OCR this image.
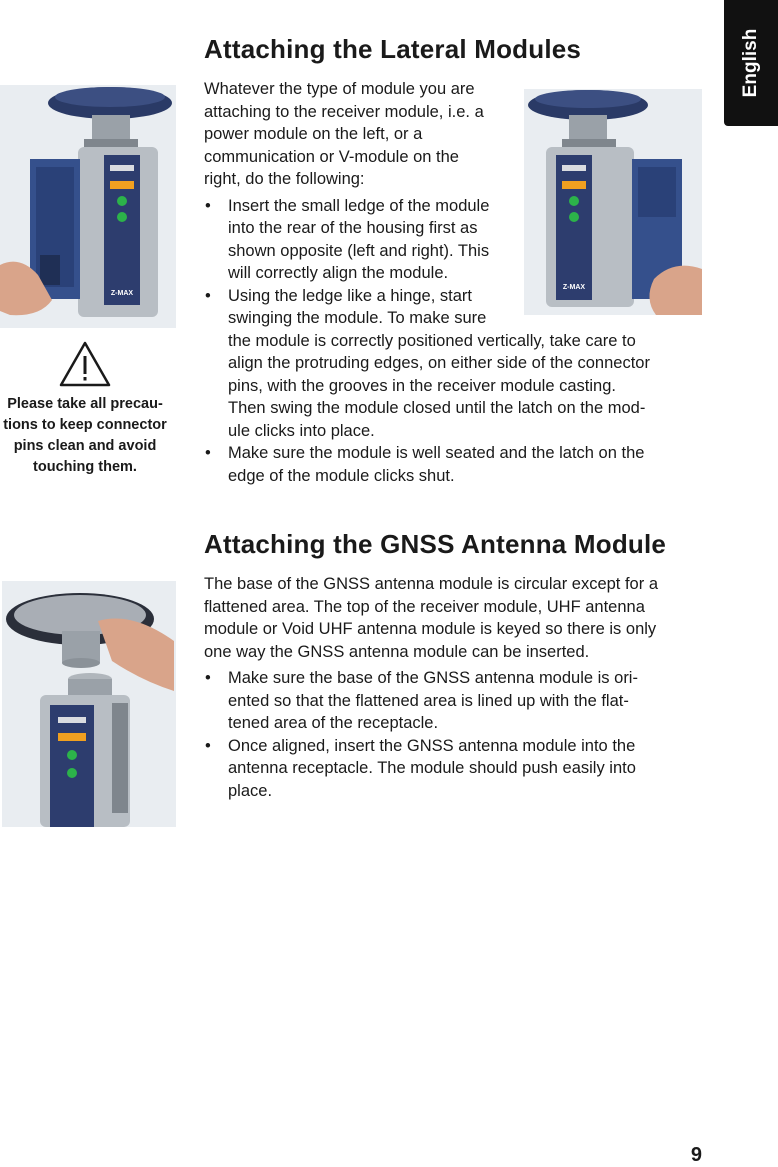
English
Attaching the Lateral Modules
Z-MAX
Z-MAX
Whatever the type of module you are
attaching to the receiver module, i.e. a
power module on the left, or a
communication or V-module on the
right, do the following:
• Insert the small ledge of the module
into the rear of the housing first as
shown opposite (left and right). This
will correctly align the module.
• Using the ledge like a hinge, start
swinging the module. To make sure
the module is correctly positioned vertically, take care to
align the protruding edges, on either side of the connector
pins, with the grooves in the receiver module casting.
Then swing the module closed until the latch on the mod-
ule clicks into place.
• Make sure the module is well seated and the latch on the
edge of the module clicks shut.
Please take all precau-
tions to keep connector
pins clean and avoid
touching them.
Attaching the GNSS Antenna Module
The base of the GNSS antenna module is circular except for a
flattened area. The top of the receiver module, UHF antenna
module or Void UHF antenna module is keyed so there is only
one way the GNSS antenna module can be inserted.
• Make sure the base of the GNSS antenna module is ori-
ented so that the flattened area is lined up with the flat-
tened area of the receptacle.
• Once aligned, insert the GNSS antenna module into the
antenna receptacle. The module should push easily into
place.
9
